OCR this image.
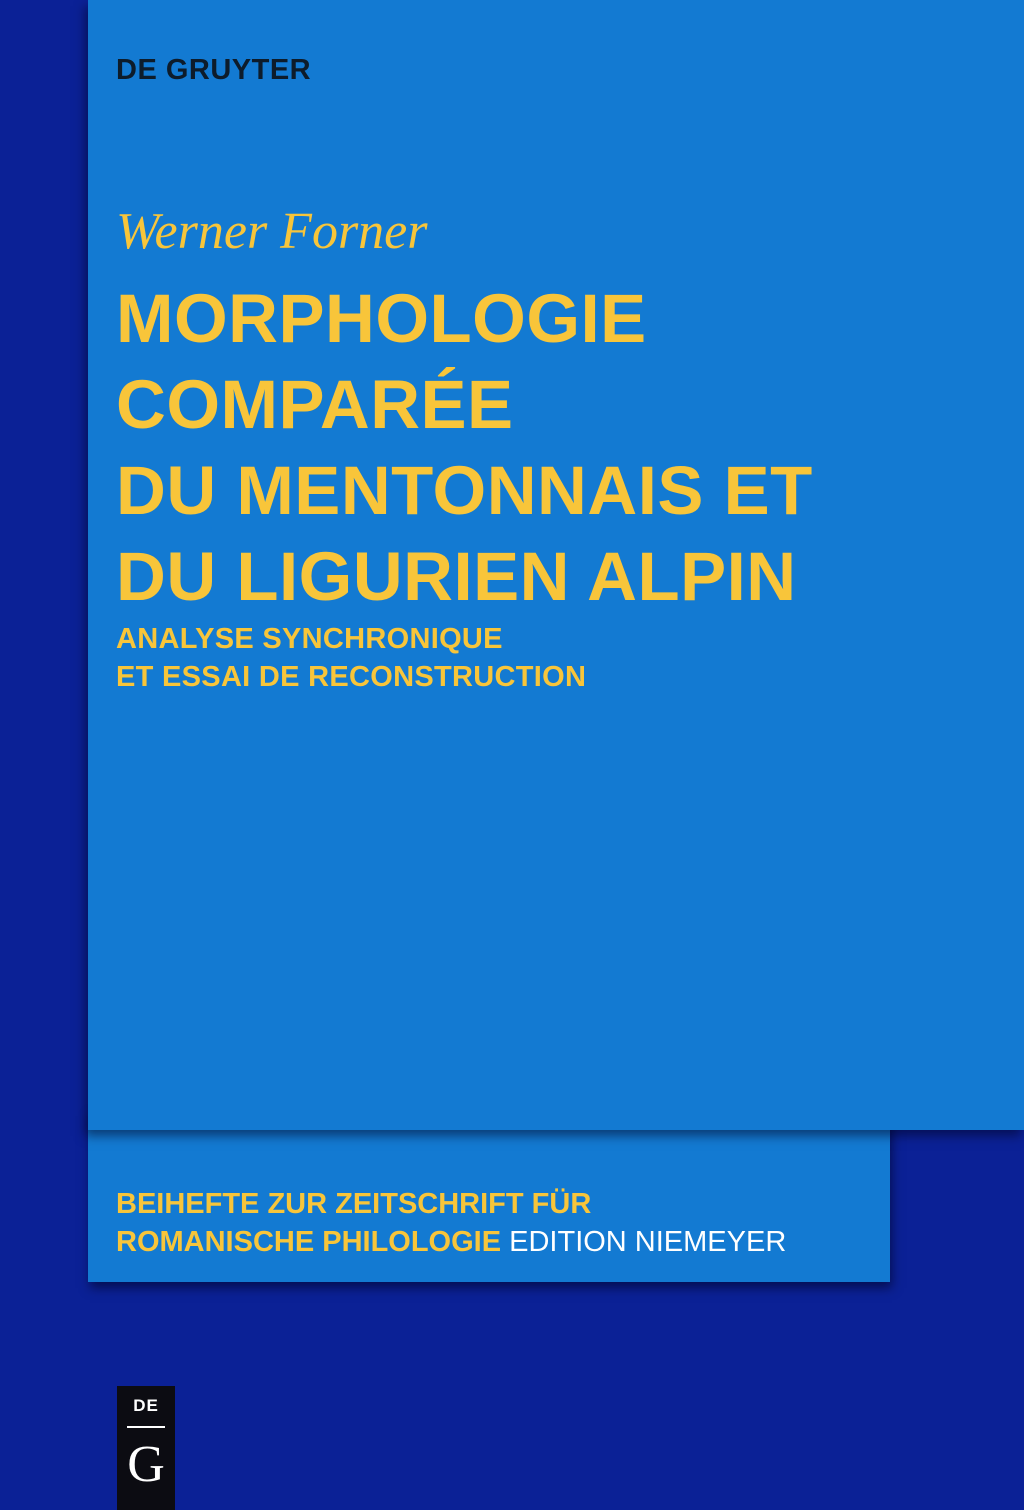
DE GRUYTER
Werner Forner
MORPHOLOGIE
COMPARÉE
DU MENTONNAIS ET
DU LIGURIEN ALPIN
ANALYSE SYNCHRONIQUE
ET ESSAI DE RECONSTRUCTION
BEIHEFTE ZUR ZEITSCHRIFT FÜR
ROMANISCHE PHILOLOGIE EDITION NIEMEYER
DE
G
